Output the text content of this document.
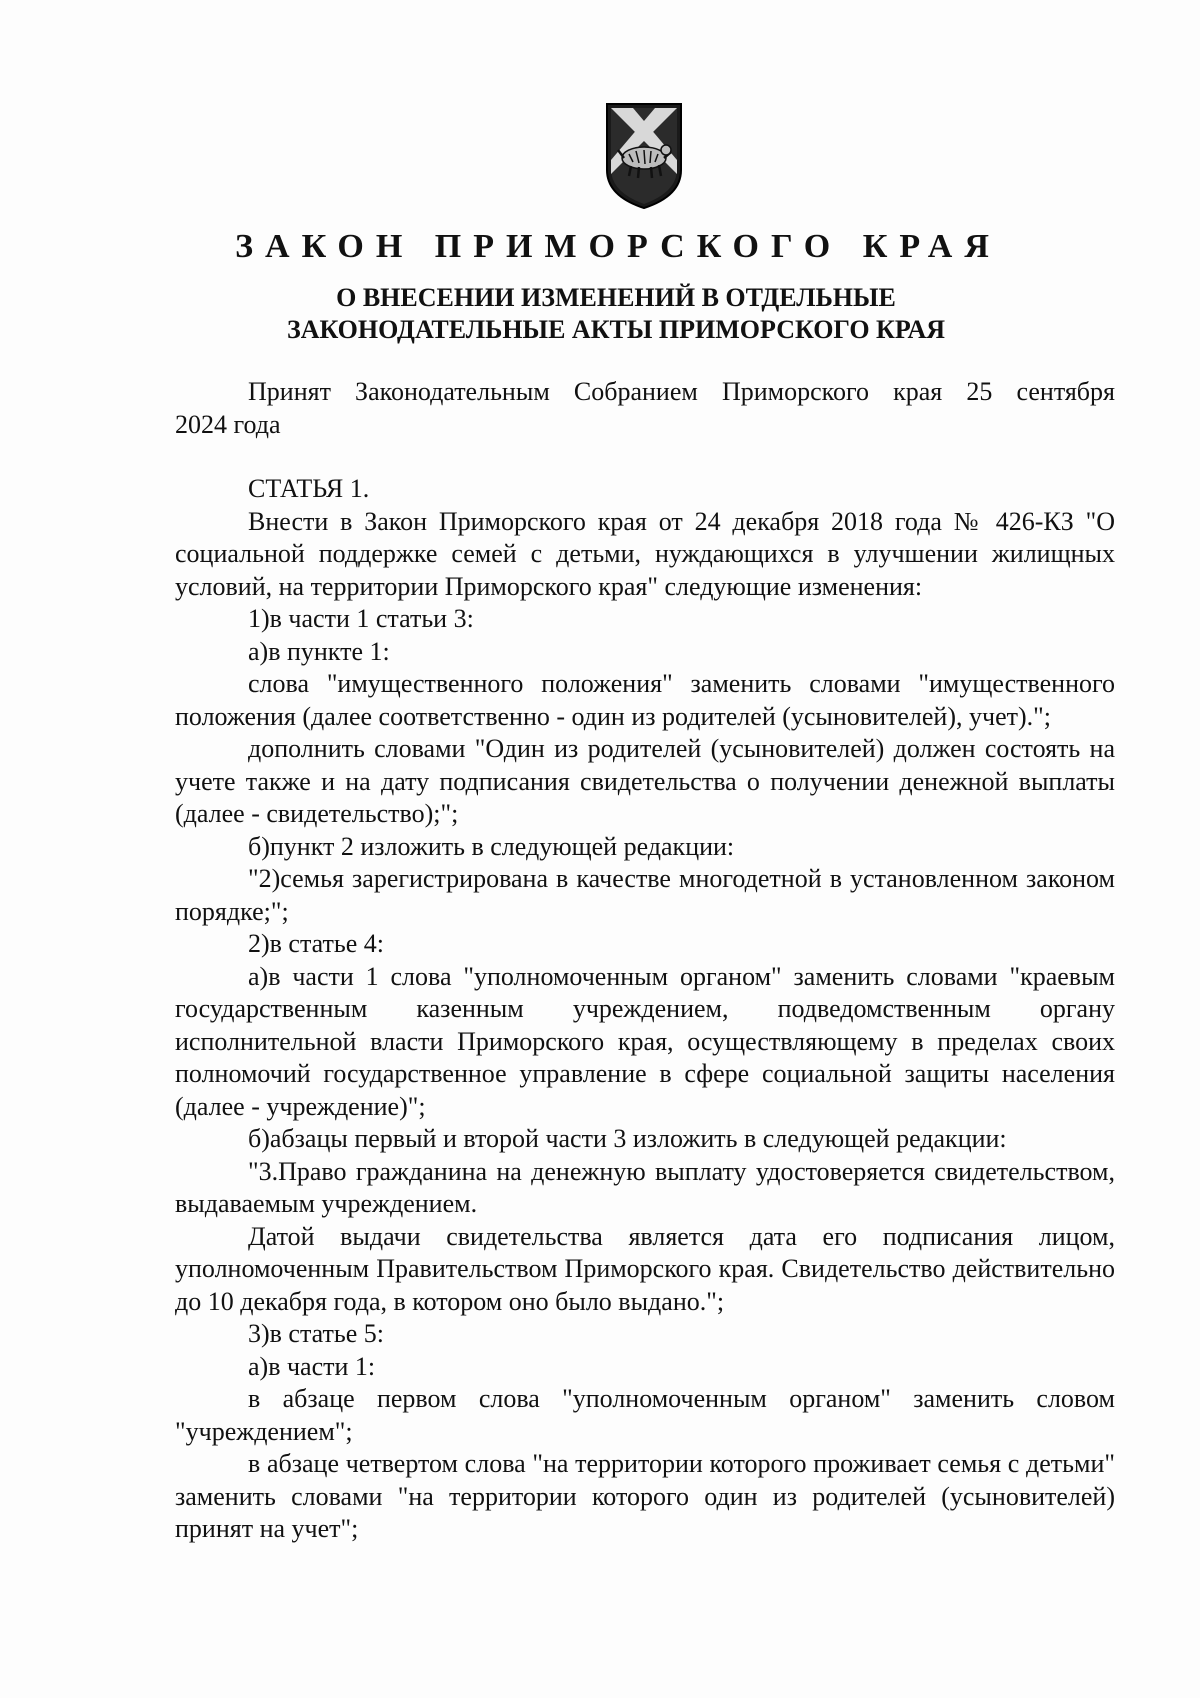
ЗАКОН ПРИМОРСКОГО КРАЯ
О ВНЕСЕНИИ ИЗМЕНЕНИЙ В ОТДЕЛЬНЫЕ
ЗАКОНОДАТЕЛЬНЫЕ АКТЫ ПРИМОРСКОГО КРАЯ

Принят Законодательным Собранием Приморского края 25 сентября

2024 года

СТАТЬЯ 1.

Внести в Закон Приморского края от 24 декабря 2018 года № 426-КЗ "О социальной поддержке семей с детьми, нуждающихся в улучшении жилищных условий, на территории Приморского края" следующие изменения:

1)в части 1 статьи 3:

а)в пункте 1:

слова "имущественного положения" заменить словами "имущественного положения (далее соответственно - один из родителей (усыновителей), учет).";

дополнить словами "Один из родителей (усыновителей) должен состоять на учете также и на дату подписания свидетельства о получении денежной выплаты (далее - свидетельство);";

б)пункт 2 изложить в следующей редакции:

"2)семья зарегистрирована в качестве многодетной в установленном законом порядке;";

2)в статье 4:

а)в части 1 слова "уполномоченным органом" заменить словами "краевым государственным казенным учреждением, подведомственным органу исполнительной власти Приморского края, осуществляющему в пределах своих полномочий государственное управление в сфере социальной защиты населения (далее - учреждение)";

б)абзацы первый и второй части 3 изложить в следующей редакции:

"3.Право гражданина на денежную выплату удостоверяется свидетельством, выдаваемым учреждением.

Датой выдачи свидетельства является дата его подписания лицом, уполномоченным Правительством Приморского края. Свидетельство действительно до 10 декабря года, в котором оно было выдано.";

3)в статье 5:

а)в части 1:

в абзаце первом слова "уполномоченным органом" заменить словом "учреждением";

в абзаце четвертом слова "на территории которого проживает семья с детьми" заменить словами "на территории которого один из родителей (усыновителей) принят на учет";
